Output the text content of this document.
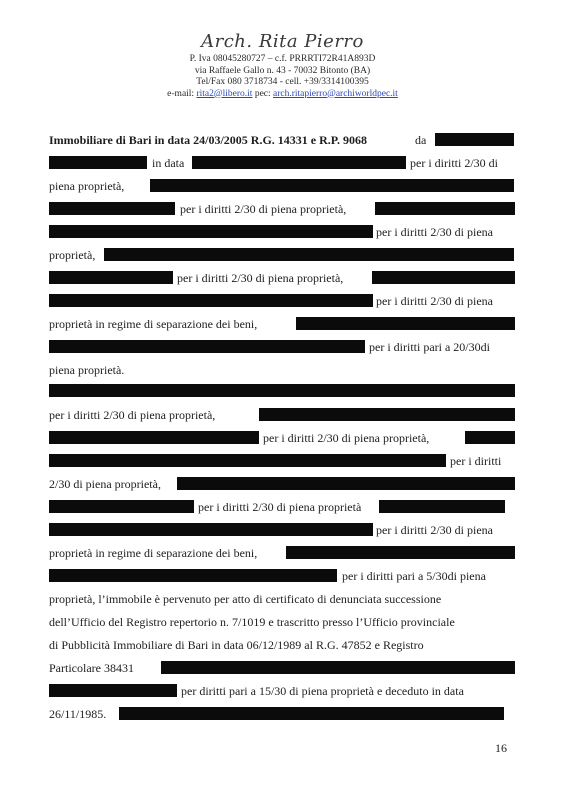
Arch. Rita Pierro
P. Iva 08045280727 – c.f. PRRRTI72R41A893D
via Raffaele Gallo n. 43 - 70032 Bitonto (BA)
Tel/Fax 080 3718734 - cell. +39/3314100395
e-mail: rita2@libero.it pec: arch.ritapierro@archiworldpec.it
Immobiliare di Bari in data 24/03/2005 R.G. 14331 e R.P. 9068	da
in data	per i diritti 2/30 di
piena proprietà,
per i diritti 2/30 di piena proprietà,
per i diritti 2/30 di piena
proprietà,
per i diritti 2/30 di piena proprietà,
per i diritti 2/30 di piena
proprietà in regime di separazione dei beni,
per i diritti pari a 20/30di
piena proprietà.
per i diritti 2/30 di piena proprietà,
per i diritti 2/30 di piena proprietà,
per i diritti
2/30 di piena proprietà,
per i diritti 2/30 di piena proprietà
per i diritti 2/30 di piena
proprietà in regime di separazione dei beni,
per i diritti pari a 5/30di piena
proprietà, l’immobile è pervenuto per atto di certificato di denunciata successione
dell’Ufficio del Registro repertorio n. 7/1019 e trascritto presso l’Ufficio provinciale
di Pubblicità Immobiliare di Bari in data 06/12/1989 al R.G. 47852 e Registro
Particolare 38431
per diritti pari a 15/30 di piena proprietà e deceduto in data
26/11/1985.
16
